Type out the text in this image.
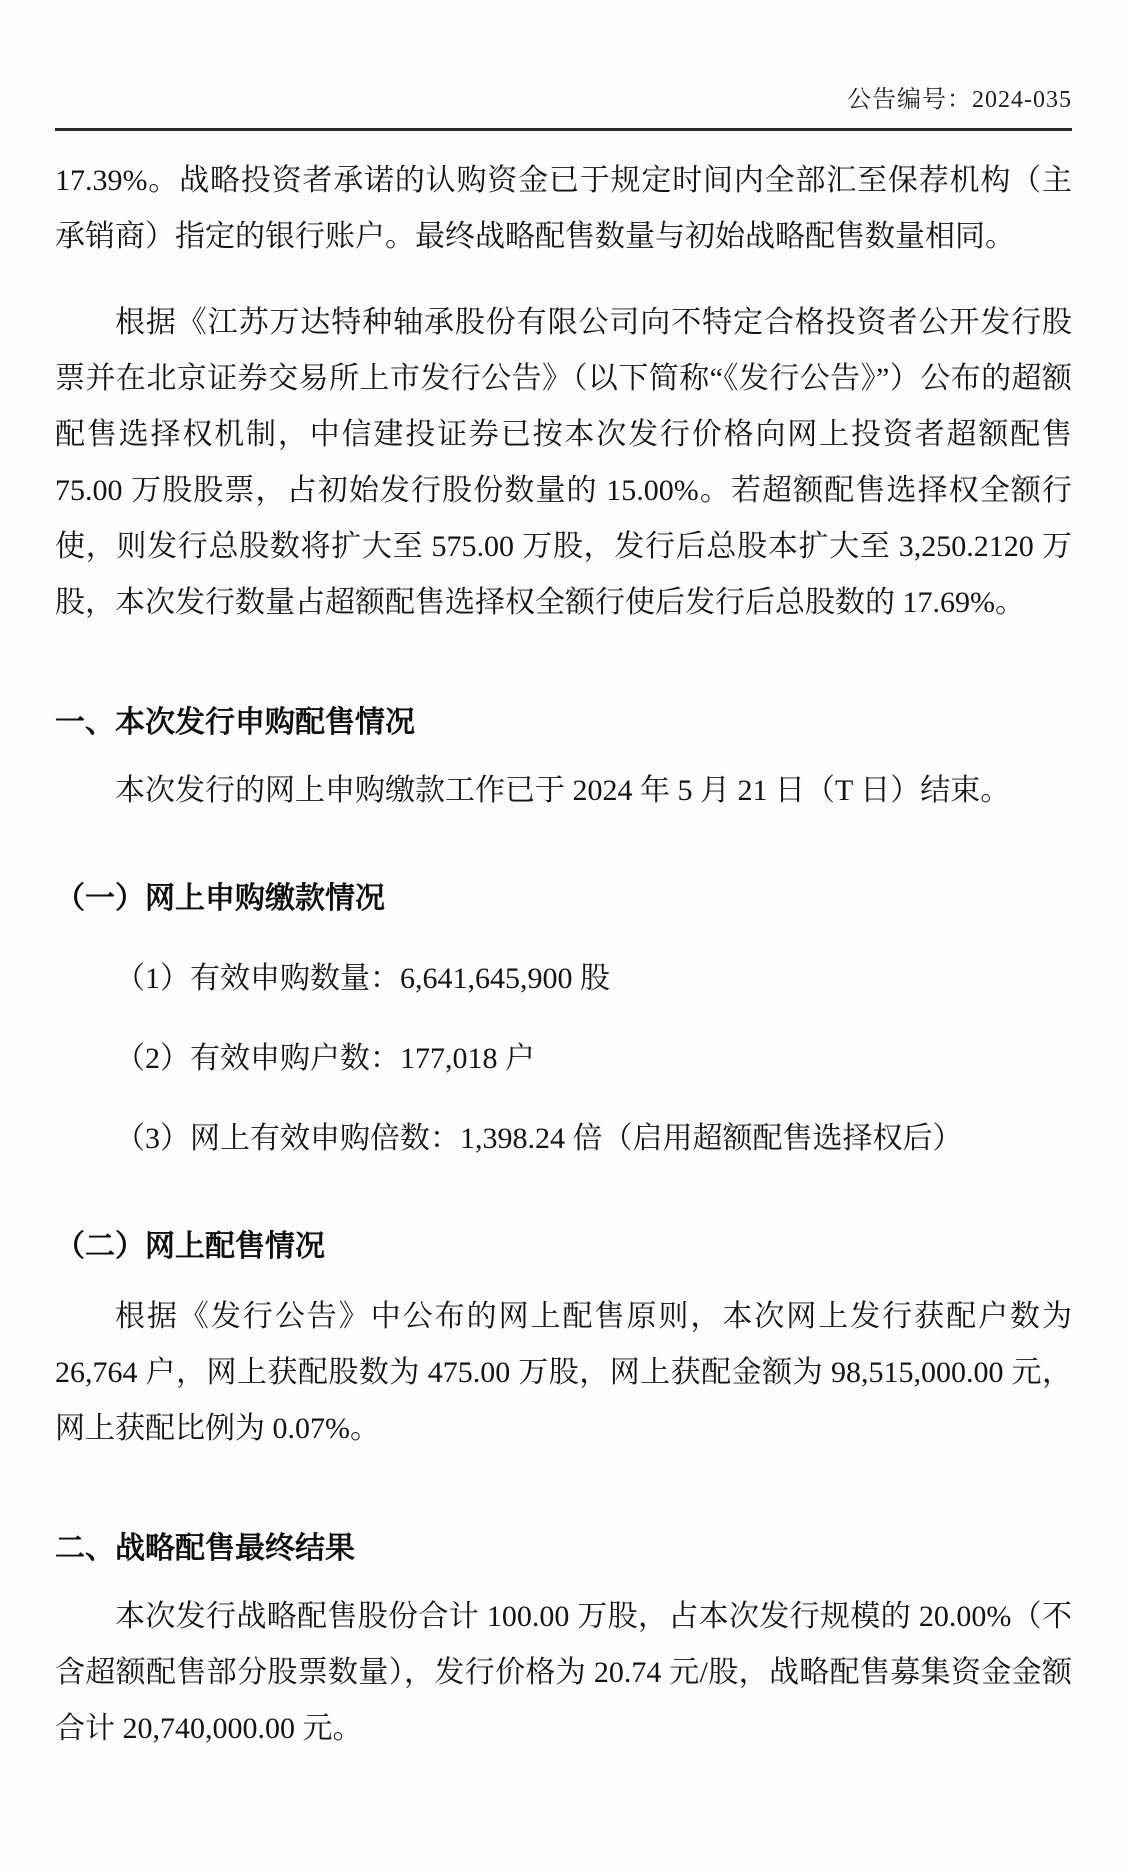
公告编号：2024-035

17.39%。战略投资者承诺的认购资金已于规定时间内全部汇至保荐机构（主承销商）指定的银行账户。最终战略配售数量与初始战略配售数量相同。

根据《江苏万达特种轴承股份有限公司向不特定合格投资者公开发行股票并在北京证券交易所上市发行公告》（以下简称“《发行公告》”）公布的超额配售选择权机制，中信建投证券已按本次发行价格向网上投资者超额配售 75.00 万股股票，占初始发行股份数量的 15.00%。若超额配售选择权全额行使，则发行总股数将扩大至 575.00 万股，发行后总股本扩大至 3,250.2120 万股，本次发行数量占超额配售选择权全额行使后发行后总股数的 17.69%。

一、本次发行申购配售情况

本次发行的网上申购缴款工作已于 2024 年 5 月 21 日（T 日）结束。

（一）网上申购缴款情况

（1）有效申购数量：6,641,645,900 股

（2）有效申购户数：177,018 户

（3）网上有效申购倍数：1,398.24 倍（启用超额配售选择权后）

（二）网上配售情况

根据《发行公告》中公布的网上配售原则，本次网上发行获配户数为 26,764 户，网上获配股数为 475.00 万股，网上获配金额为 98,515,000.00 元，网上获配比例为 0.07%。

二、战略配售最终结果

本次发行战略配售股份合计 100.00 万股，占本次发行规模的 20.00%（不含超额配售部分股票数量），发行价格为 20.74 元/股，战略配售募集资金金额合计 20,740,000.00 元。
